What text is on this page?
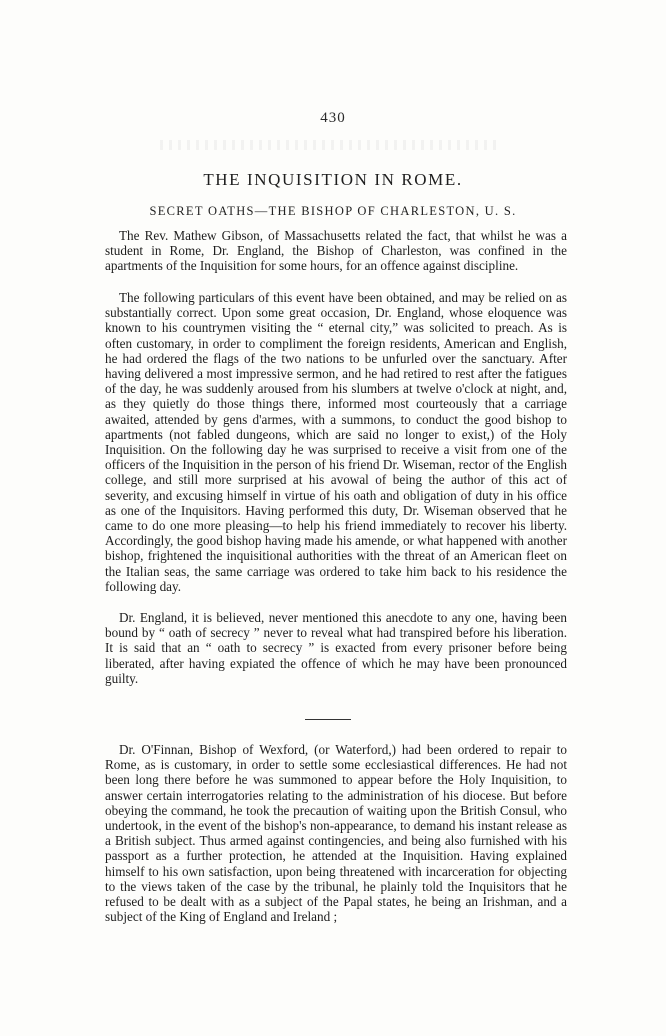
430
THE INQUISITION IN ROME.
SECRET OATHS—THE BISHOP OF CHARLESTON, U. S.

The Rev. Mathew Gibson, of Massachusetts related the fact, that whilst he was a student in Rome, Dr. England, the Bishop of Charleston, was confined in the apartments of the Inquisition for some hours, for an offence against discipline.

The following particulars of this event have been obtained, and may be relied on as substantially correct. Upon some great occasion, Dr. England, whose eloquence was known to his countrymen visiting the “ eternal city,” was solicited to preach. As is often customary, in order to compliment the foreign residents, American and English, he had ordered the flags of the two nations to be unfurled over the sanctuary. After having delivered a most impressive sermon, and he had retired to rest after the fatigues of the day, he was suddenly aroused from his slumbers at twelve o'clock at night, and, as they quietly do those things there, informed most courteously that a carriage awaited, attended by gens d'armes, with a summons, to conduct the good bishop to apartments (not fabled dungeons, which are said no longer to exist,) of the Holy Inquisition. On the following day he was surprised to receive a visit from one of the officers of the Inquisition in the person of his friend Dr. Wiseman, rector of the English college, and still more surprised at his avowal of being the author of this act of severity, and excusing himself in virtue of his oath and obligation of duty in his office as one of the Inquisitors. Having performed this duty, Dr. Wiseman observed that he came to do one more pleasing—to help his friend immediately to recover his liberty. Accordingly, the good bishop having made his amende, or what happened with another bishop, frightened the inquisitional authorities with the threat of an American fleet on the Italian seas, the same carriage was ordered to take him back to his residence the following day.

Dr. England, it is believed, never mentioned this anecdote to any one, having been bound by “ oath of secrecy ” never to reveal what had transpired before his liberation. It is said that an “ oath to secrecy ” is exacted from every prisoner before being liberated, after having expiated the offence of which he may have been pronounced guilty.

Dr. O'Finnan, Bishop of Wexford, (or Waterford,) had been ordered to repair to Rome, as is customary, in order to settle some ecclesiastical differences. He had not been long there before he was summoned to appear before the Holy Inquisition, to answer certain interrogatories relating to the administration of his diocese. But before obeying the command, he took the precaution of waiting upon the British Consul, who undertook, in the event of the bishop's non-appearance, to demand his instant release as a British subject. Thus armed against contingencies, and being also furnished with his passport as a further protection, he attended at the Inquisition. Having explained himself to his own satisfaction, upon being threatened with incarceration for objecting to the views taken of the case by the tribunal, he plainly told the Inquisitors that he refused to be dealt with as a subject of the Papal states, he being an Irishman, and a subject of the King of England and Ireland ;
